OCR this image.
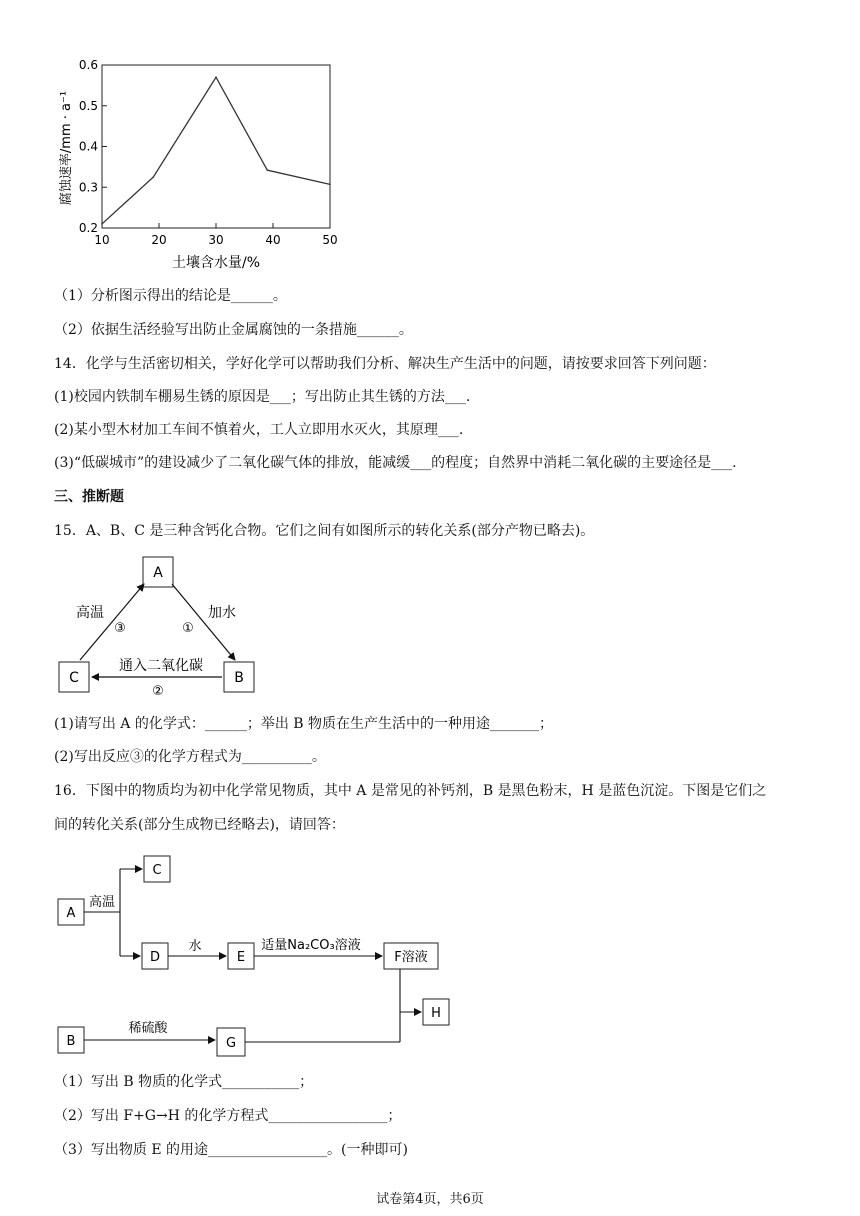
0.2
0.3
0.4
0.5
0.6
10	20	30	40	50
腐蚀速率/mm · a⁻¹
土壤含水量/%
（1）分析图示得出的结论是______。
（2）依据生活经验写出防止金属腐蚀的一条措施______。
14．化学与生活密切相关，学好化学可以帮助我们分析、解决生产生活中的问题，请按要求回答下列问题：
(1)校园内铁制车棚易生锈的原因是___；写出防止其生锈的方法___.
(2)某小型木材加工车间不慎着火，工人立即用水灭火，其原理___.
(3)“低碳城市”的建设减少了二氧化碳气体的排放，能减缓___的程度；自然界中消耗二氧化碳的主要途径是___.
三、推断题
15．A、B、C 是三种含钙化合物。它们之间有如图所示的转化关系(部分产物已略去)。
A
B
C
高温
③
加水
①
通入二氧化碳
②
(1)请写出 A 的化学式：______；举出 B 物质在生产生活中的一种用途_______；
(2)写出反应③的化学方程式为__________。
16．下图中的物质均为初中化学常见物质，其中 A 是常见的补钙剂，B 是黑色粉末，H 是蓝色沉淀。下图是它们之
间的转化关系(部分生成物已经略去)，请回答：
A
C
D	E	F溶液
H
B	G
高温
水	适量Na₂CO₃溶液
稀硫酸
（1）写出 B 物质的化学式___________；
（2）写出 F+G→H 的化学方程式_________________；
（3）写出物质 E 的用途_________________。(一种即可)
试卷第4页，共6页
